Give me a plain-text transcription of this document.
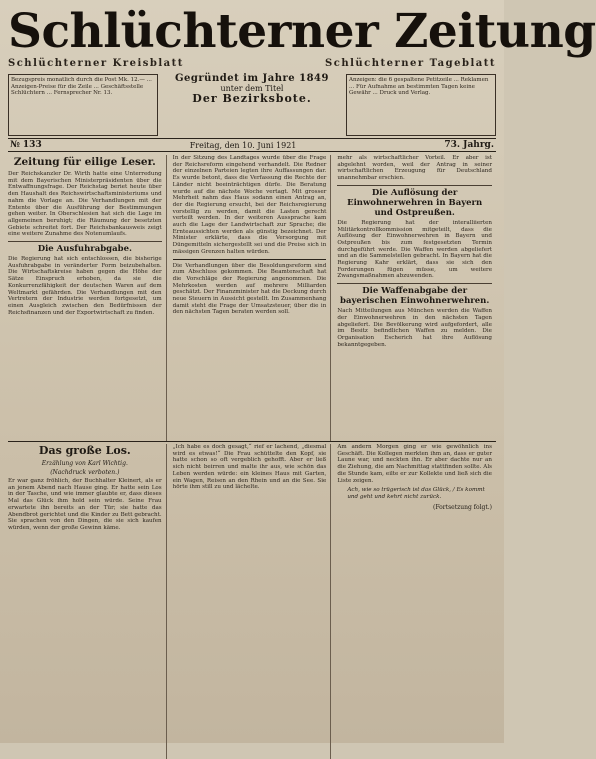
Schlüchterner Zeitung
Schlüchterner Kreisblatt	Schlüchterner Tageblatt
Bezugspreis monatlich durch die Post Mk. 12.— ... Anzeigen-Preise für die Zeile ... Geschäftsstelle Schlüchtern ... Fernsprecher Nr. 13.
Gegründet im Jahre 1849
unter dem Titel
Der Bezirksbote.
Anzeigen: die 6 gespaltene Petitzeile ... Reklamen ... Für Aufnahme an bestimmten Tagen keine Gewähr ... Druck und Verlag.
№ 133	Freitag, den 10. Juni 1921	73. Jahrg.
Zeitung für eilige Leser.

Der Reichskanzler Dr. Wirth hatte eine Unterredung mit dem Bayerischen Ministerpräsidenten über die Entwaffnungsfrage. Der Reichstag beriet heute über den Haushalt des Reichswirtschaftsministeriums und nahm die Vorlage an. Die Verhandlungen mit der Entente über die Ausführung der Bestimmungen gehen weiter. In Oberschlesien hat sich die Lage im allgemeinen beruhigt; die Räumung der besetzten Gebiete schreitet fort. Der Reichsbankausweis zeigt eine weitere Zunahme des Notenumlaufs.

Die Ausfuhrabgabe.

Die Regierung hat sich entschlossen, die bisherige Ausfuhrabgabe in veränderter Form beizubehalten. Die Wirtschaftskreise haben gegen die Höhe der Sätze Einspruch erhoben, da sie die Konkurrenzfähigkeit der deutschen Waren auf dem Weltmarkt gefährden. Die Verhandlungen mit den Vertretern der Industrie werden fortgesetzt, um einen Ausgleich zwischen den Bedürfnissen der Reichsfinanzen und der Exportwirtschaft zu finden.

In der Sitzung des Landtages wurde über die Frage der Reichsreform eingehend verhandelt. Die Redner der einzelnen Parteien legten ihre Auffassungen dar. Es wurde betont, dass die Verfassung die Rechte der Länder nicht beeinträchtigen dürfe. Die Beratung wurde auf die nächste Woche vertagt. Mit grosser Mehrheit nahm das Haus sodann einen Antrag an, der die Regierung ersucht, bei der Reichsregierung vorstellig zu werden, damit die Lasten gerecht verteilt werden. In der weiteren Aussprache kam auch die Lage der Landwirtschaft zur Sprache; die Ernteaussichten werden als günstig bezeichnet. Der Minister erklärte, dass die Versorgung mit Düngemitteln sichergestellt sei und die Preise sich in mässigen Grenzen halten würden.

Die Verhandlungen über die Besoldungsreform sind zum Abschluss gekommen. Die Beamtenschaft hat die Vorschläge der Regierung angenommen. Die Mehrkosten werden auf mehrere Milliarden geschätzt. Der Finanzminister hat die Deckung durch neue Steuern in Aussicht gestellt. Im Zusammenhang damit steht die Frage der Umsatzsteuer, über die in den nächsten Tagen beraten werden soll.

mehr als wirtschaftlicher Vorteil. Er aber ist abgelehnt worden, weil der Antrag in seiner wirtschaftlichen Erzeugung für Deutschland unannehmbar erschien.

Die Auflösung der Einwohnerwehren in Bayern und Ostpreußen.

Die Regierung hat der interalliierten Militärkontrollkommission mitgeteilt, dass die Auflösung der Einwohnerwehren in Bayern und Ostpreußen bis zum festgesetzten Termin durchgeführt werde. Die Waffen werden abgeliefert und an die Sammelstellen gebracht. In Bayern hat die Regierung Kahr erklärt, dass sie sich den Forderungen fügen müsse, um weitere Zwangsmaßnahmen abzuwenden.

Die Waffenabgabe der bayerischen Einwohnerwehren.

Nach Mitteilungen aus München werden die Waffen der Einwohnerwehren in den nächsten Tagen abgeliefert. Die Bevölkerung wird aufgefordert, alle im Besitz befindlichen Waffen zu melden. Die Organisation Escherich hat ihre Auflösung bekanntgegeben.

Das große Los.
Erzählung von Karl Wichtig.
(Nachdruck verboten.)

Er war ganz fröhlich, der Buchhalter Kleinert, als er an jenem Abend nach Hause ging. Er hatte sein Los in der Tasche, und wie immer glaubte er, dass dieses Mal das Glück ihm hold sein würde. Seine Frau erwartete ihn bereits an der Tür; sie hatte das Abendbrot gerichtet und die Kinder zu Bett gebracht. Sie sprachen von den Dingen, die sie sich kaufen würden, wenn der große Gewinn käme.

„Ich habe es doch gesagt,“ rief er lachend, „diesmal wird es etwas!“ Die Frau schüttelte den Kopf, sie hatte schon so oft vergeblich gehofft. Aber er ließ sich nicht beirren und malte ihr aus, wie schön das Leben werden würde: ein kleines Haus mit Garten, ein Wagen, Reisen an den Rhein und an die See. Sie hörte ihm still zu und lächelte.

Am andern Morgen ging er wie gewöhnlich ins Geschäft. Die Kollegen merkten ihm an, dass er guter Laune war, und neckten ihn. Er aber dachte nur an die Ziehung, die am Nachmittag stattfinden sollte. Als die Stunde kam, eilte er zur Kollekte und ließ sich die Liste zeigen.

Ach, wie so trügerisch ist das Glück, / Es kommt und geht und kehrt nicht zurück.
(Fortsetzung folgt.)
